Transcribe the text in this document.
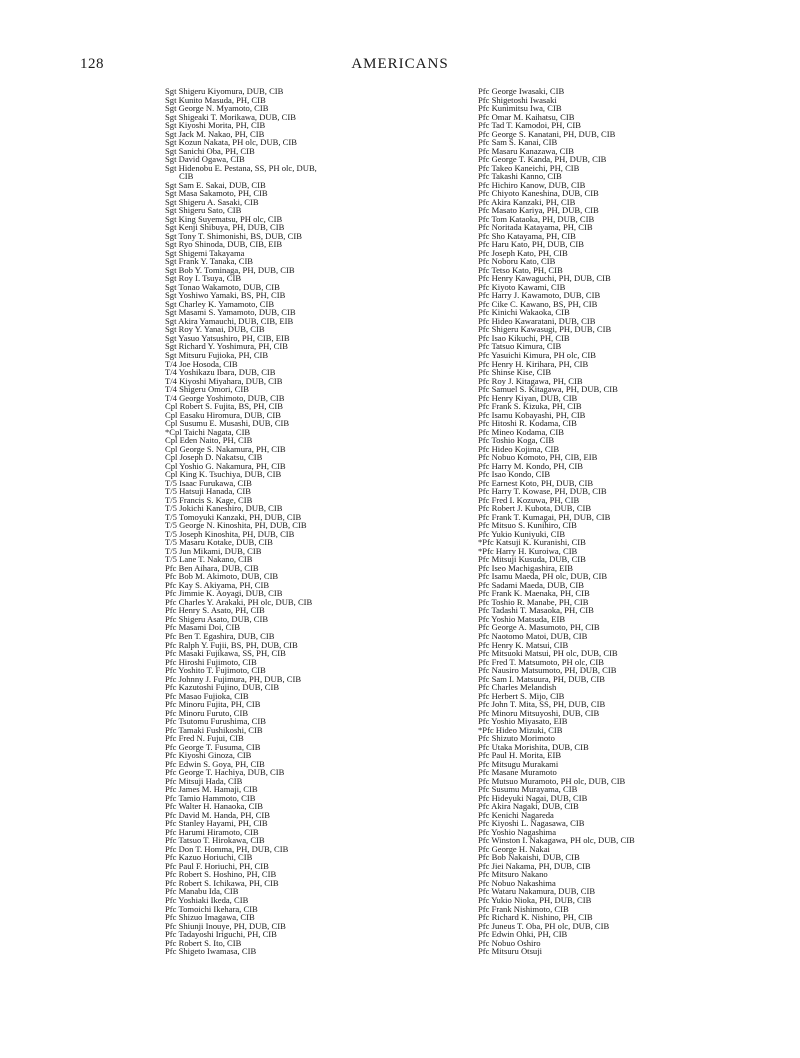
128	AMERICANS
Sgt Shigeru Kiyomura, DUB, CIB
Sgt Kunito Masuda, PH, CIB
Sgt George N. Myamoto, CIB
Sgt Shigeaki T. Morikawa, DUB, CIB
Sgt Kiyoshi Morita, PH, CIB
Sgt Jack M. Nakao, PH, CIB
Sgt Kozun Nakata, PH olc, DUB, CIB
Sgt Sanichi Oba, PH, CIB
Sgt David Ogawa, CIB
Sgt Hidenobu E. Pestana, SS, PH olc, DUB,
CIB
Sgt Sam E. Sakai, DUB, CIB
Sgt Masa Sakamoto, PH, CIB
Sgt Shigeru A. Sasaki, CIB
Sgt Shigeru Sato, CIB
Sgt King Suyematsu, PH olc, CIB
Sgt Kenji Shibuya, PH, DUB, CIB
Sgt Tony T. Shimonishi, BS, DUB, CIB
Sgt Ryo Shinoda, DUB, CIB, EIB
Sgt Shigemi Takayama
Sgt Frank Y. Tanaka, CIB
Sgt Bob Y. Tominaga, PH, DUB, CIB
Sgt Roy I. Tsuya, CIB
Sgt Tonao Wakamoto, DUB, CIB
Sgt Yoshiwo Yamaki, BS, PH, CIB
Sgt Charley K. Yamamoto, CIB
Sgt Masami S. Yamamoto, DUB, CIB
Sgt Akira Yamauchi, DUB, CIB, EIB
Sgt Roy Y. Yanai, DUB, CIB
Sgt Yasuo Yatsushiro, PH, CIB, EIB
Sgt Richard Y. Yoshimura, PH, CIB
Sgt Mitsuru Fujioka, PH, CIB
T/4 Joe Hosoda, CIB
T/4 Yoshikazu Ibara, DUB, CIB
T/4 Kiyoshi Miyahara, DUB, CIB
T/4 Shigeru Omori, CIB
T/4 George Yoshimoto, DUB, CIB
Cpl Robert S. Fujita, BS, PH, CIB
Cpl Easaku Hiromura, DUB, CIB
Cpl Susumu E. Musashi, DUB, CIB
*Cpl Taichi Nagata, CIB
Cpl Eden Naito, PH, CIB
Cpl George S. Nakamura, PH, CIB
Cpl Joseph D. Nakatsu, CIB
Cpl Yoshio G. Nakamura, PH, CIB
Cpl King K. Tsuchiya, DUB, CIB
T/5 Isaac Furukawa, CIB
T/5 Hatsuji Hanada, CIB
T/5 Francis S. Kage, CIB
T/5 Jokichi Kaneshiro, DUB, CIB
T/5 Tomoyuki Kanzaki, PH, DUB, CIB
T/5 George N. Kinoshita, PH, DUB, CIB
T/5 Joseph Kinoshita, PH, DUB, CIB
T/5 Masaru Kotake, DUB, CIB
T/5 Jun Mikami, DUB, CIB
T/5 Lane T. Nakano, CIB
Pfc Ben Aihara, DUB, CIB
Pfc Bob M. Akimoto, DUB, CIB
Pfc Kay S. Akiyama, PH, CIB
Pfc Jimmie K. Aoyagi, DUB, CIB
Pfc Charles Y. Arakaki, PH olc, DUB, CIB
Pfc Henry S. Asato, PH, CIB
Pfc Shigeru Asato, DUB, CIB
Pfc Masami Doi, CIB
Pfc Ben T. Egashira, DUB, CIB
Pfc Ralph Y. Fujii, BS, PH, DUB, CIB
Pfc Masaki Fujikawa, SS, PH, CIB
Pfc Hiroshi Fujimoto, CIB
Pfc Yoshito T. Fujimoto, CIB
Pfc Johnny J. Fujimura, PH, DUB, CIB
Pfc Kazutoshi Fujino, DUB, CIB
Pfc Masao Fujioka, CIB
Pfc Minoru Fujita, PH, CIB
Pfc Minoru Furuto, CIB
Pfc Tsutomu Furushima, CIB
Pfc Tamaki Fushikoshi, CIB
Pfc Fred N. Fujui, CIB
Pfc George T. Fusuma, CIB
Pfc Kiyoshi Ginoza, CIB
Pfc Edwin S. Goya, PH, CIB
Pfc George T. Hachiya, DUB, CIB
Pfc Mitsuji Hada, CIB
Pfc James M. Hamaji, CIB
Pfc Tamio Hammoto, CIB
Pfc Walter H. Hanaoka, CIB
Pfc David M. Handa, PH, CIB
Pfc Stanley Hayami, PH, CIB
Pfc Harumi Hiramoto, CIB
Pfc Tatsuo T. Hirokawa, CIB
Pfc Don T. Homma, PH, DUB, CIB
Pfc Kazuo Horiuchi, CIB
Pfc Paul F. Horiuchi, PH, CIB
Pfc Robert S. Hoshino, PH, CIB
Pfc Robert S. Ichikawa, PH, CIB
Pfc Manabu Ida, CIB
Pfc Yoshiaki Ikeda, CIB
Pfc Tomoichi Ikehara, CIB
Pfc Shizuo Imagawa, CIB
Pfc Shiunji Inouye, PH, DUB, CIB
Pfc Tadayoshi Iriguchi, PH, CIB
Pfc Robert S. Ito, CIB
Pfc Shigeto Iwamasa, CIB
Pfc George Iwasaki, CIB
Pfc Shigetoshi Iwasaki
Pfc Kunimitsu Iwa, CIB
Pfc Omar M. Kaihatsu, CIB
Pfc Tad T. Kamodoi, PH, CIB
Pfc George S. Kanatani, PH, DUB, CIB
Pfc Sam S. Kanai, CIB
Pfc Masaru Kanazawa, CIB
Pfc George T. Kanda, PH, DUB, CIB
Pfc Takeo Kaneichi, PH, CIB
Pfc Takashi Kanno, CIB
Pfc Hichiro Kanow, DUB, CIB
Pfc Chiyoto Kaneshina, DUB, CIB
Pfc Akira Kanzaki, PH, CIB
Pfc Masato Kariya, PH, DUB, CIB
Pfc Tom Kataoka, PH, DUB, CIB
Pfc Noritada Katayama, PH, CIB
Pfc Sho Katayama, PH, CIB
Pfc Haru Kato, PH, DUB, CIB
Pfc Joseph Kato, PH, CIB
Pfc Noboru Kato, CIB
Pfc Tetso Kato, PH, CIB
Pfc Henry Kawaguchi, PH, DUB, CIB
Pfc Kiyoto Kawami, CIB
Pfc Harry J. Kawamoto, DUB, CIB
Pfc Cike C. Kawano, BS, PH, CIB
Pfc Kinichi Wakaoka, CIB
Pfc Hideo Kawaratani, DUB, CIB
Pfc Shigeru Kawasugi, PH, DUB, CIB
Pfc Isao Kikuchi, PH, CIB
Pfc Tatsuo Kimura, CIB
Pfc Yasuichi Kimura, PH olc, CIB
Pfc Henry H. Kirihara, PH, CIB
Pfc Shinse Kise, CIB
Pfc Roy J. Kitagawa, PH, CIB
Pfc Samuel S. Kitagawa, PH, DUB, CIB
Pfc Henry Kiyan, DUB, CIB
Pfc Frank S. Kizuka, PH, CIB
Pfc Isamu Kobayashi, PH, CIB
Pfc Hitoshi R. Kodama, CIB
Pfc Mineo Kodama, CIB
Pfc Toshio Koga, CIB
Pfc Hideo Kojima, CIB
Pfc Nobuo Komoto, PH, CIB, EIB
Pfc Harry M. Kondo, PH, CIB
Pfc Isao Kondo, CIB
Pfc Earnest Koto, PH, DUB, CIB
Pfc Harry T. Kowase, PH, DUB, CIB
Pfc Fred I. Kozuwa, PH, CIB
Pfc Robert J. Kubota, DUB, CIB
Pfc Frank T. Kumagai, PH, DUB, CIB
Pfc Mitsuo S. Kunihiro, CIB
Pfc Yukio Kuniyuki, CIB
*Pfc Katsuji K. Kuranishi, CIB
*Pfc Harry H. Kuroiwa, CIB
Pfc Mitsuji Kusuda, DUB, CIB
Pfc Iseo Machigashira, EIB
Pfc Isamu Maeda, PH olc, DUB, CIB
Pfc Sadami Maeda, DUB, CIB
Pfc Frank K. Maenaka, PH, CIB
Pfc Toshio R. Manabe, PH, CIB
Pfc Tadashi T. Masaoka, PH, CIB
Pfc Yoshio Matsuda, EIB
Pfc George A. Masumoto, PH, CIB
Pfc Naotomo Matoi, DUB, CIB
Pfc Henry K. Matsui, CIB
Pfc Mitsuoki Matsui, PH olc, DUB, CIB
Pfc Fred T. Matsumoto, PH olc, CIB
Pfc Nausiro Matsumoto, PH, DUB, CIB
Pfc Sam I. Matsuura, PH, DUB, CIB
Pfc Charles Melandish
Pfc Herbert S. Mijo, CIB
Pfc John T. Mita, SS, PH, DUB, CIB
Pfc Minoru Mitsuyoshi, DUB, CIB
Pfc Yoshio Miyasato, EIB
*Pfc Hideo Mizuki, CIB
Pfc Shizuto Morimoto
Pfc Utaka Morishita, DUB, CIB
Pfc Paul H. Morita, EIB
Pfc Mitsugu Murakami
Pfc Masane Muramoto
Pfc Mutsuo Muramoto, PH olc, DUB, CIB
Pfc Susumu Murayama, CIB
Pfc Hideyuki Nagai, DUB, CIB
Pfc Akira Nagaki, DUB, CIB
Pfc Kenichi Nagareda
Pfc Kiyoshi L. Nagasawa, CIB
Pfc Yoshio Nagashima
Pfc Winston I. Nakagawa, PH olc, DUB, CIB
Pfc George H. Nakai
Pfc Bob Nakaishi, DUB, CIB
Pfc Jiei Nakama, PH, DUB, CIB
Pfc Mitsuro Nakano
Pfc Nobuo Nakashima
Pfc Wataru Nakamura, DUB, CIB
Pfc Yukio Nioka, PH, DUB, CIB
Pfc Frank Nishimoto, CIB
Pfc Richard K. Nishino, PH, CIB
Pfc Juneus T. Oba, PH olc, DUB, CIB
Pfc Edwin Ohki, PH, CIB
Pfc Nobuo Oshiro
Pfc Mitsuru Otsuji
